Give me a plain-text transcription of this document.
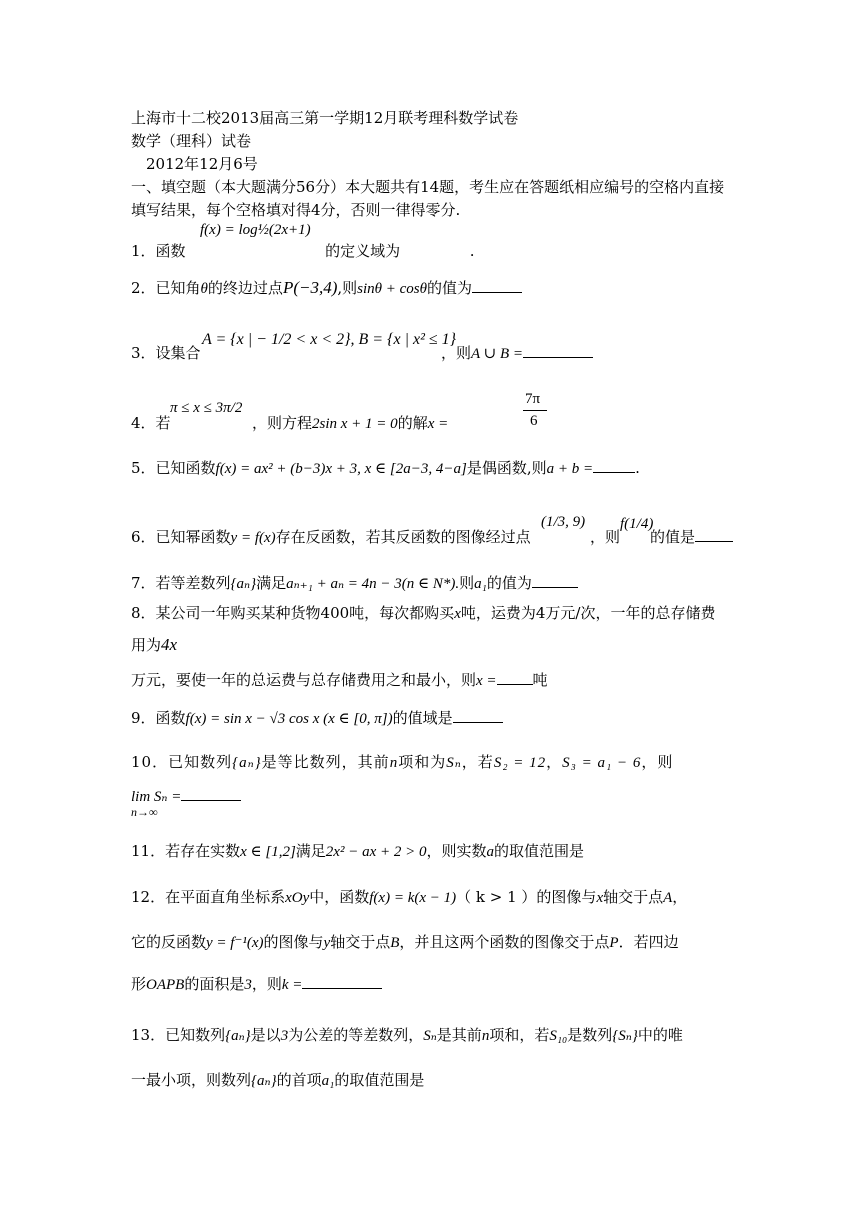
上海市十二校2013届高三第一学期12月联考理科数学试卷
数学（理科）试卷
2012年12月6号
一、填空题（本大题满分56分）本大题共有14题，考生应在答题纸相应编号的空格内直接
填写结果，每个空格填对得4分，否则一律得零分.
f(x) = log½(2x+1)
1．函数	的定义域为	.
2．已知角θ的终边过点P(−3,4),则sinθ + cosθ的值为
3．设集合
A = {x | − 1/2 < x < 2}, B = {x | x² ≤ 1}
，则A ∪ B =
4．若
π ≤ x ≤ 3π/2
，则方程2sin x + 1 = 0的解x =
7π
6
5．已知函数f(x) = ax² + (b−3)x + 3, x ∈ [2a−3, 4−a]是偶函数,则a + b =	.
6．已知幂函数y = f(x)存在反函数，若其反函数的图像经过点
(1/3, 9)
，则
f(1/4)
的值是
7．若等差数列{aₙ}满足aₙ₊₁ + aₙ = 4n − 3(n ∈ N*).则a₁的值为
8．某公司一年购买某种货物400吨，每次都购买x吨，运费为4万元/次，一年的总存储费
用为4x
万元，要使一年的总运费与总存储费用之和最小，则x = 吨
9．函数f(x) = sin x − √3 cos x (x ∈ [0, π])的值域是
10．已知数列{aₙ}是等比数列，其前n项和为Sₙ，若S₂ = 12，S₃ = a₁ − 6，则
lim Sₙ =
n→∞
11．若存在实数x ∈ [1,2]满足2x² − ax + 2 > 0，则实数a的取值范围是
12．在平面直角坐标系xOy中，函数f(x) = k(x − 1)（ k > 1 ）的图像与x轴交于点A，
它的反函数y = f⁻¹(x)的图像与y轴交于点B，并且这两个函数的图像交于点P．若四边
形OAPB的面积是3，则k =
13．已知数列{aₙ}是以3为公差的等差数列，Sₙ是其前n项和，若S₁₀是数列{Sₙ}中的唯
一最小项，则数列{aₙ}的首项a₁的取值范围是
